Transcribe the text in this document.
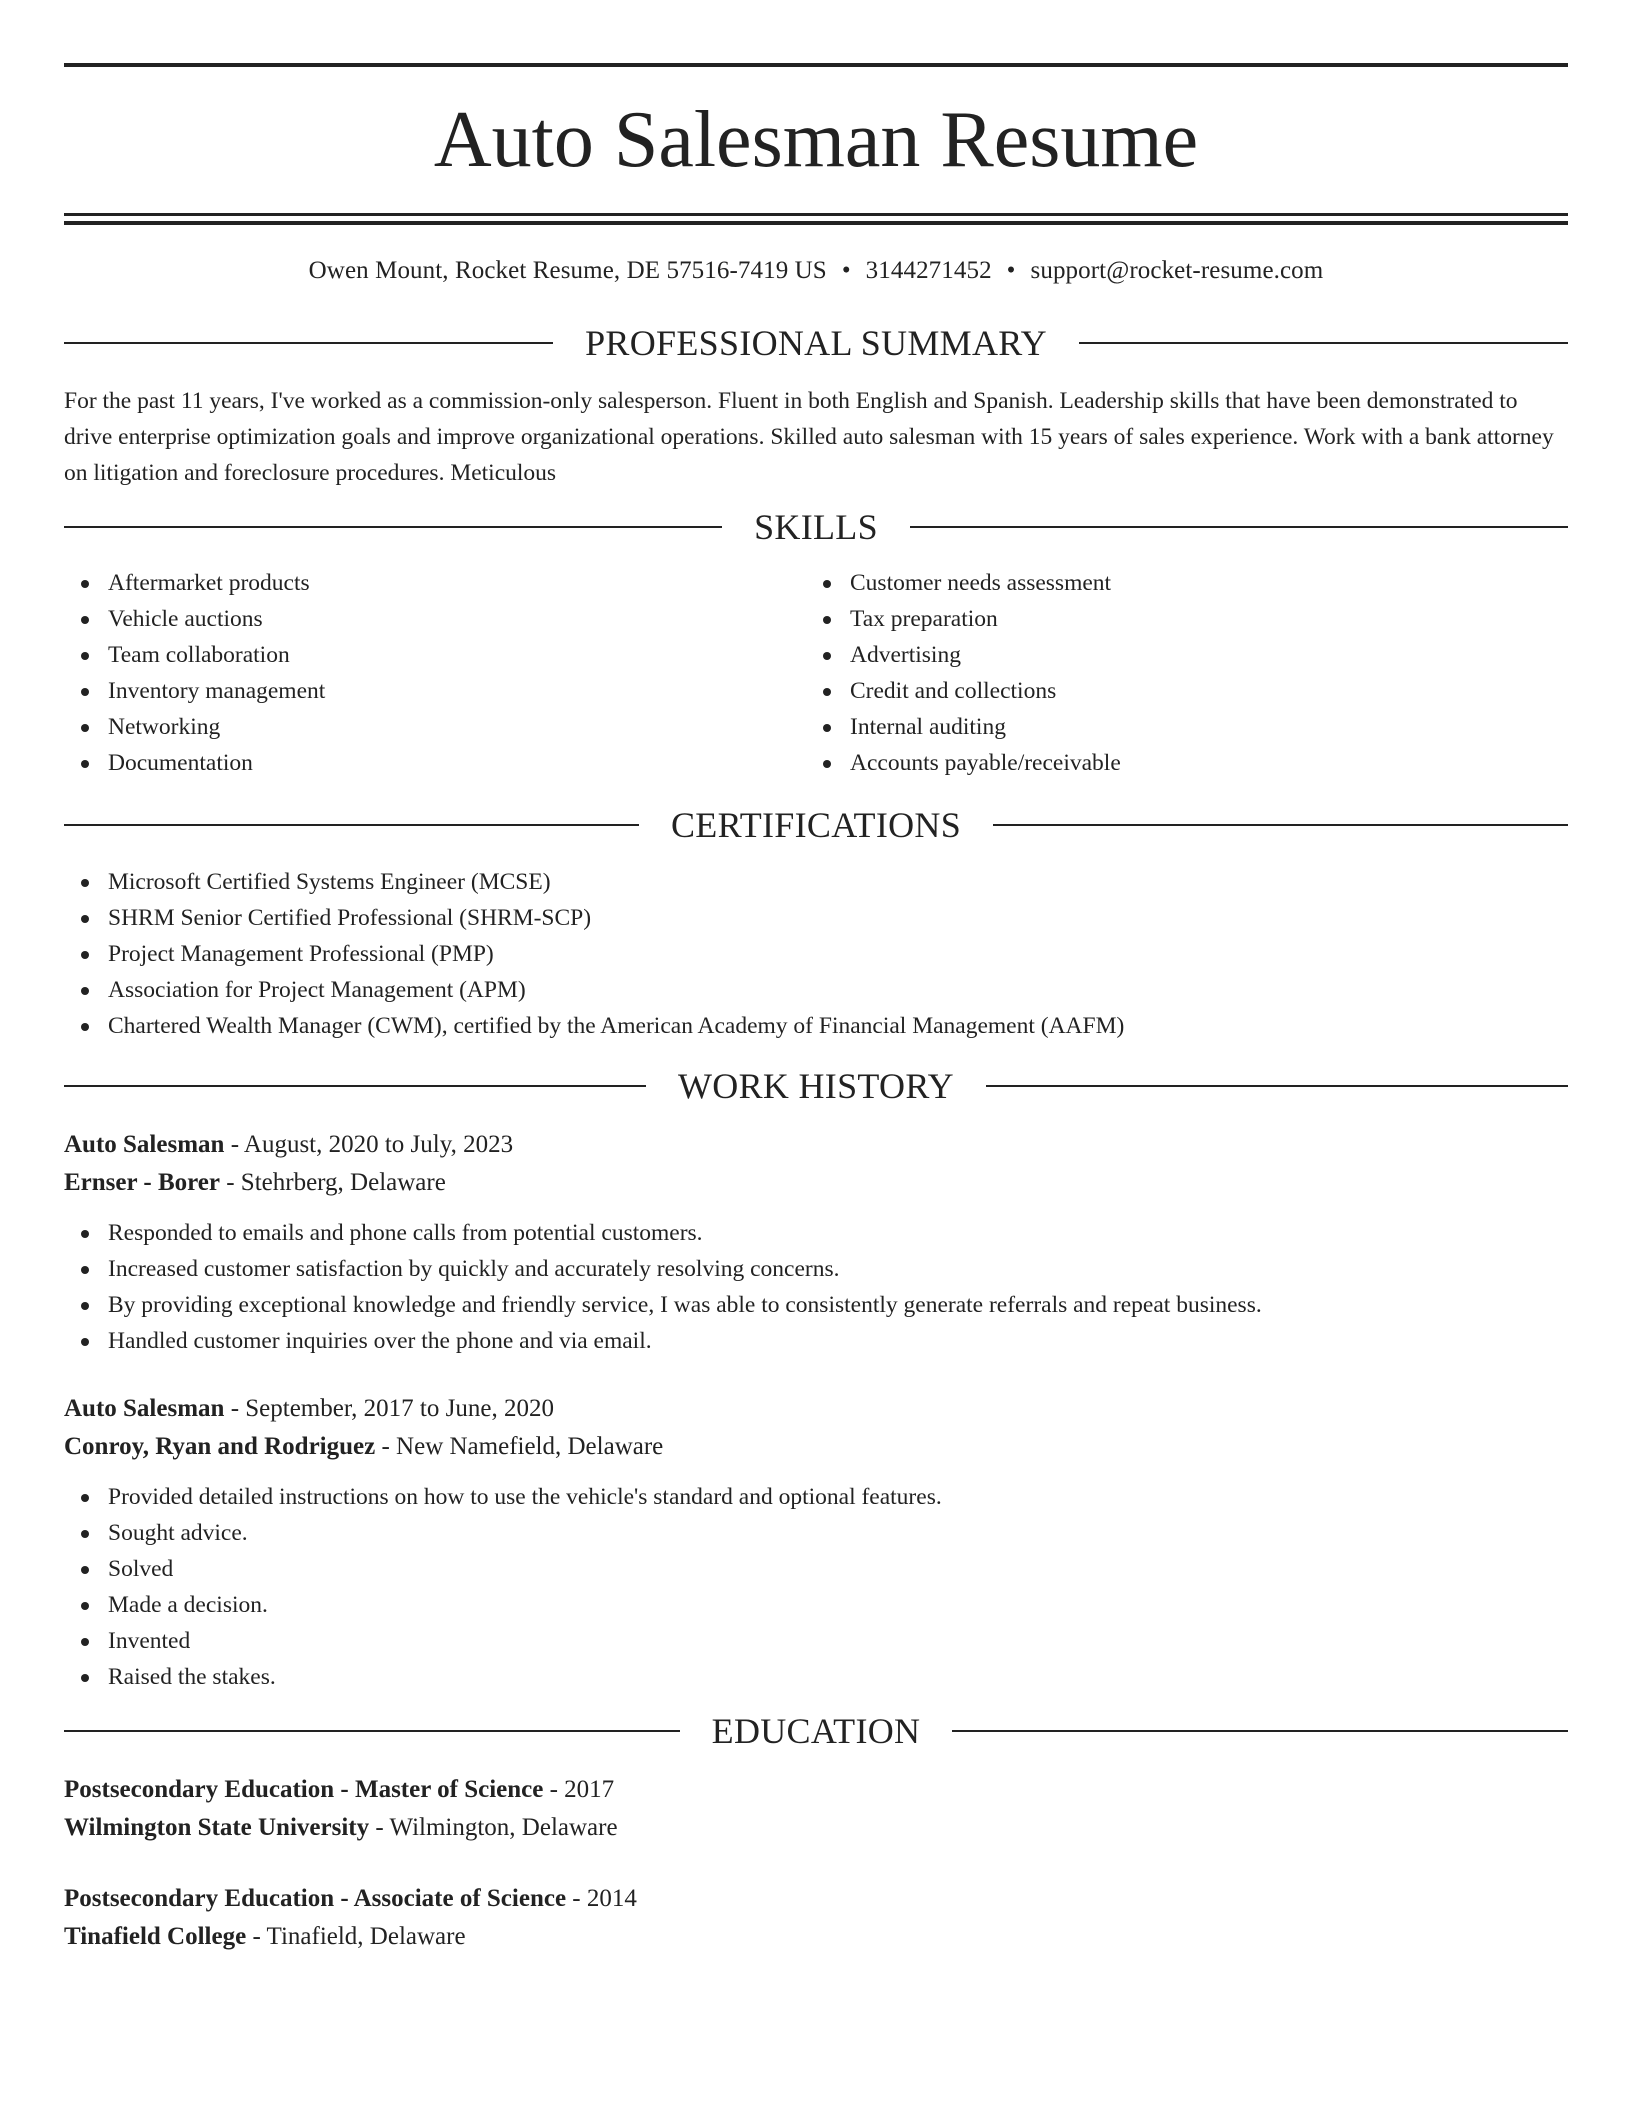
Auto Salesman Resume
Owen Mount, Rocket Resume, DE 57516-7419 US • 3144271452 • support@rocket-resume.com
PROFESSIONAL SUMMARY

For the past 11 years, I've worked as a commission-only salesperson. Fluent in both English and Spanish. Leadership skills that have been demonstrated to drive enterprise optimization goals and improve organizational operations. Skilled auto salesman with 15 years of sales experience. Work with a bank attorney on litigation and foreclosure procedures. Meticulous

SKILLS
Aftermarket products
Vehicle auctions
Team collaboration
Inventory management
Networking
Documentation
Customer needs assessment
Tax preparation
Advertising
Credit and collections
Internal auditing
Accounts payable/receivable
CERTIFICATIONS
Microsoft Certified Systems Engineer (MCSE)
SHRM Senior Certified Professional (SHRM-SCP)
Project Management Professional (PMP)
Association for Project Management (APM)
Chartered Wealth Manager (CWM), certified by the American Academy of Financial Management (AAFM)
WORK HISTORY
Auto Salesman - August, 2020 to July, 2023
Ernser - Borer - Stehrberg, Delaware
Responded to emails and phone calls from potential customers.
Increased customer satisfaction by quickly and accurately resolving concerns.
By providing exceptional knowledge and friendly service, I was able to consistently generate referrals and repeat business.
Handled customer inquiries over the phone and via email.
Auto Salesman - September, 2017 to June, 2020
Conroy, Ryan and Rodriguez - New Namefield, Delaware
Provided detailed instructions on how to use the vehicle's standard and optional features.
Sought advice.
Solved
Made a decision.
Invented
Raised the stakes.
EDUCATION
Postsecondary Education - Master of Science - 2017
Wilmington State University - Wilmington, Delaware
Postsecondary Education - Associate of Science - 2014
Tinafield College - Tinafield, Delaware
